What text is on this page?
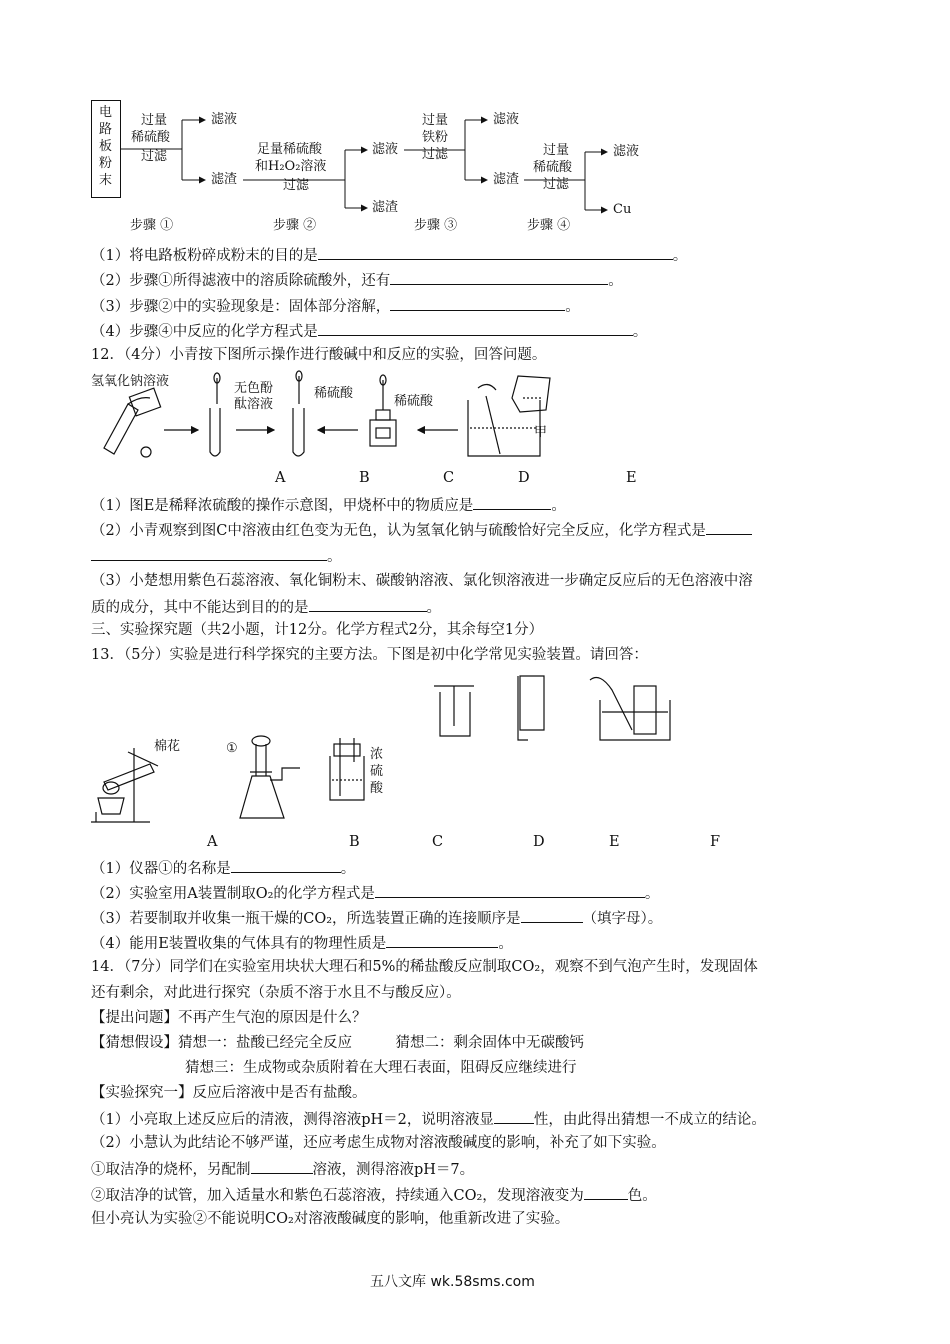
电
路
板
粉
末
过量
稀硫酸
过滤
滤液
滤渣
足量稀硫酸
和H₂O₂溶液
过滤
滤液
滤渣
过量
铁粉
过滤
滤液
滤渣
过量
稀硫酸
过滤
滤液
Cu
步骤 ①	步骤 ②	步骤 ③	步骤 ④
（1）将电路板粉碎成粉末的目的是	。
（2）步骤①所得滤液中的溶质除硫酸外，还有	。
（3）步骤②中的实验现象是：固体部分溶解，	。
（4）步骤④中反应的化学方程式是	。
12．（4分）小青按下图所示操作进行酸碱中和反应的实验，回答问题。
氢氧化钠溶液	无色酚
酞溶液
稀硫酸
稀硫酸
甲
A	B	C	D	E
（1）图E是稀释浓硫酸的操作示意图，甲烧杯中的物质应是	。
（2）小青观察到图C中溶液由红色变为无色，认为氢氧化钠与硫酸恰好完全反应，化学方程式是
。
（3）小楚想用紫色石蕊溶液、氧化铜粉末、碳酸钠溶液、氯化钡溶液进一步确定反应后的无色溶液中溶
质的成分，其中不能达到目的的是	。
三、实验探究题（共2小题，计12分。化学方程式2分，其余每空1分）
13．（5分）实验是进行科学探究的主要方法。下图是初中化学常见实验装置。请回答：
棉花	①	浓
硫
酸
A	B	C	D	E	F
（1）仪器①的名称是	。
（2）实验室用A装置制取O₂的化学方程式是	。
（3）若要制取并收集一瓶干燥的CO₂，所选装置正确的连接顺序是	（填字母）。
（4）能用E装置收集的气体具有的物理性质是	。
14．（7分）同学们在实验室用块状大理石和5%的稀盐酸反应制取CO₂，观察不到气泡产生时，发现固体
还有剩余，对此进行探究（杂质不溶于水且不与酸反应）。
【提出问题】不再产生气泡的原因是什么？
【猜想假设】猜想一：盐酸已经完全反应　　　猜想二：剩余固体中无碳酸钙
猜想三：生成物或杂质附着在大理石表面，阻碍反应继续进行
【实验探究一】反应后溶液中是否有盐酸。
（1）小亮取上述反应后的清液，测得溶液pH＝2，说明溶液显	性，由此得出猜想一不成立的结论。
（2）小慧认为此结论不够严谨，还应考虑生成物对溶液酸碱度的影响，补充了如下实验。
①取洁净的烧杯，另配制	溶液，测得溶液pH＝7。
②取洁净的试管，加入适量水和紫色石蕊溶液，持续通入CO₂，发现溶液变为	色。
但小亮认为实验②不能说明CO₂对溶液酸碱度的影响，他重新改进了实验。
五八文库 wk.58sms.com
